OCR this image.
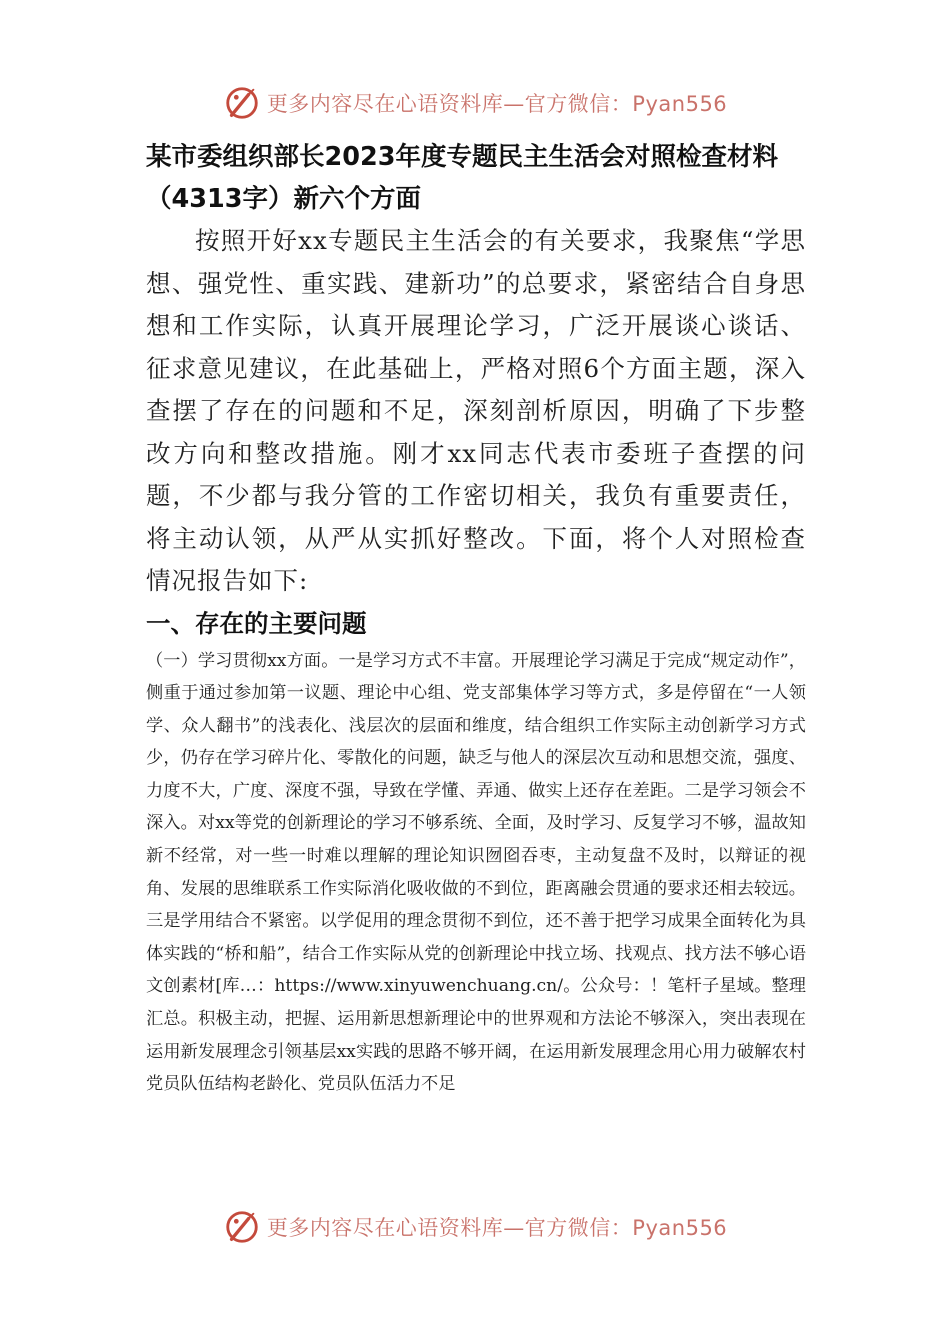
更多内容尽在心语资料库—官方微信：Pyan556
某市委组织部长2023年度专题民主生活会对照检查材料（4313字）新六个方面

按照开好xx专题民主生活会的有关要求，我聚焦“学思想、强党性、重实践、建新功”的总要求，紧密结合自身思想和工作实际，认真开展理论学习，广泛开展谈心谈话、征求意见建议，在此基础上，严格对照6个方面主题，深入查摆了存在的问题和不足，深刻剖析原因，明确了下步整改方向和整改措施。刚才xx同志代表市委班子查摆的问题，不少都与我分管的工作密切相关，我负有重要责任，将主动认领，从严从实抓好整改。下面，将个人对照检查情况报告如下:

一、存在的主要问题

（一）学习贯彻xx方面。一是学习方式不丰富。开展理论学习满足于完成“规定动作”，侧重于通过参加第一议题、理论中心组、党支部集体学习等方式，多是停留在“一人领学、众人翻书”的浅表化、浅层次的层面和维度，结合组织工作实际主动创新学习方式少，仍存在学习碎片化、零散化的问题，缺乏与他人的深层次互动和思想交流，强度、力度不大，广度、深度不强，导致在学懂、弄通、做实上还存在差距。二是学习领会不深入。对xx等党的创新理论的学习不够系统、全面，及时学习、反复学习不够，温故知新不经常，对一些一时难以理解的理论知识囫囵吞枣，主动复盘不及时，以辩证的视角、发展的思维联系工作实际消化吸收做的不到位，距离融会贯通的要求还相去较远。三是学用结合不紧密。以学促用的理念贯彻不到位，还不善于把学习成果全面转化为具体实践的“桥和船”，结合工作实际从党的创新理论中找立场、找观点、找方法不够心语文创素材[库…：https://www.xinyuwenchuang.cn/。公众号：！笔杆子星域。整理汇总。积极主动，把握、运用新思想新理论中的世界观和方法论不够深入，突出表现在运用新发展理念引领基层xx实践的思路不够开阔，在运用新发展理念用心用力破解农村党员队伍结构老龄化、党员队伍活力不足

更多内容尽在心语资料库—官方微信：Pyan556
